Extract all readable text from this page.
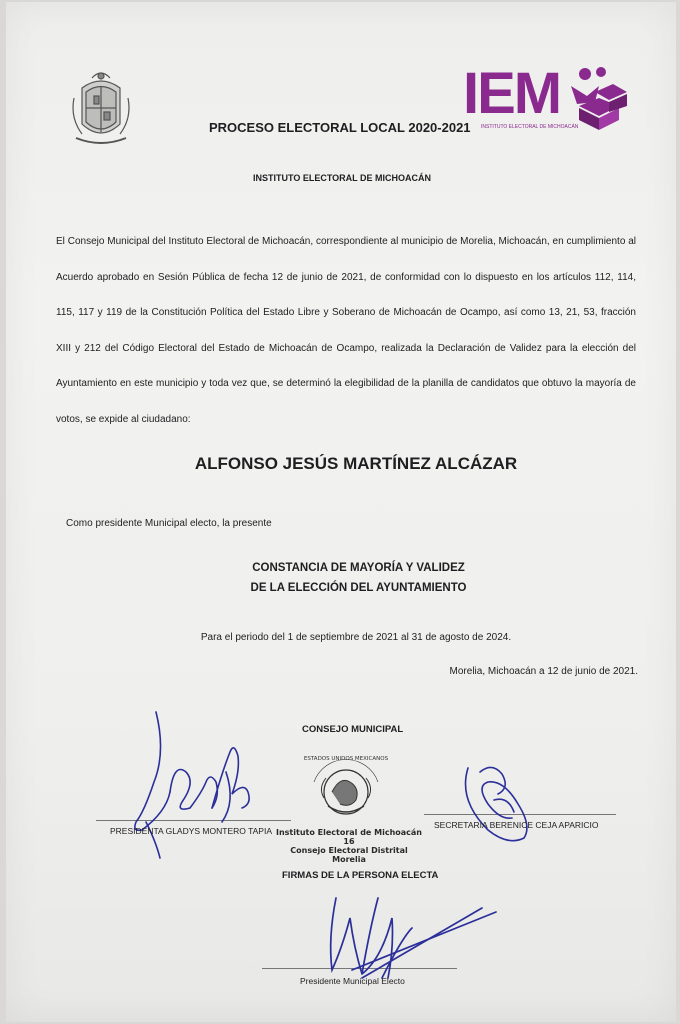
IEM
INSTITUTO ELECTORAL DE MICHOACÁN
PROCESO ELECTORAL LOCAL 2020-2021
INSTITUTO ELECTORAL DE MICHOACÁN
El Consejo Municipal del Instituto Electoral de Michoacán, correspondiente al municipio de Morelia, Michoacán, en cumplimiento al Acuerdo aprobado en Sesión Pública de fecha 12 de junio de 2021, de conformidad con lo dispuesto en los artículos 112, 114, 115, 117 y 119 de la Constitución Política del Estado Libre y Soberano de Michoacán de Ocampo, así como 13, 21, 53, fracción XIII y 212 del Código Electoral del Estado de Michoacán de Ocampo, realizada la Declaración de Validez para la elección del Ayuntamiento en este municipio y toda vez que, se determinó la elegibilidad de la planilla de candidatos que obtuvo la mayoría de votos, se expide al ciudadano:
ALFONSO JESÚS MARTÍNEZ ALCÁZAR
Como presidente Municipal electo, la presente
CONSTANCIA DE MAYORÍA Y VALIDEZ
DE LA ELECCIÓN DEL AYUNTAMIENTO
Para el periodo del 1 de septiembre de 2021 al 31 de agosto de 2024.
Morelia, Michoacán a 12 de junio de 2021.
CONSEJO MUNICIPAL
ESTADOS UNIDOS MEXICANOS
Instituto Electoral de Michoacán
16
Consejo Electoral Distrital
Morelia
PRESIDENTA GLADYS MONTERO TAPIA
SECRETARIA BERENICE CEJA APARICIO
FIRMAS DE LA PERSONA ELECTA
Presidente Municipal Electo
